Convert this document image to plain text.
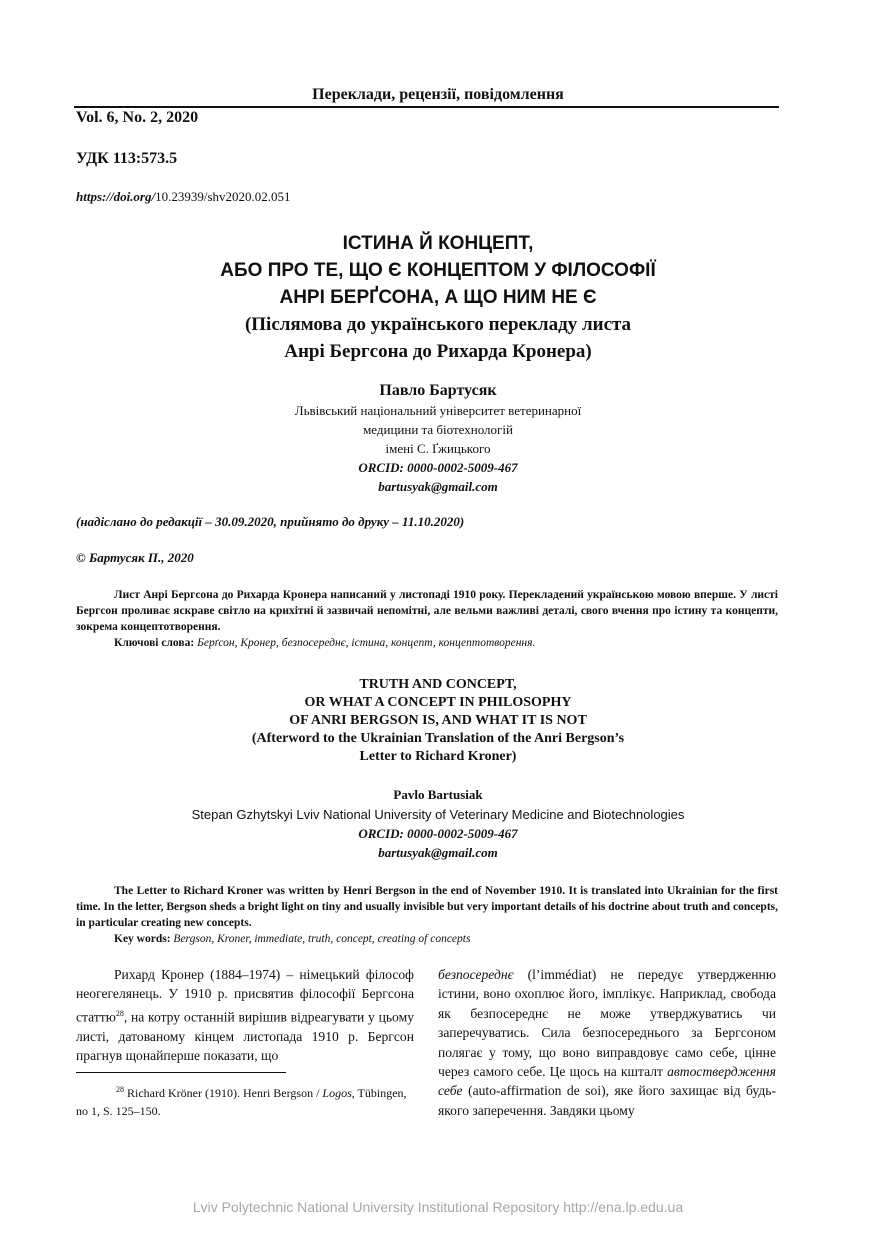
Переклади, рецензії, повідомлення
Vol. 6, No. 2, 2020
УДК 113:573.5
https://doi.org/10.23939/shv2020.02.051
ІСТИНА Й КОНЦЕПТ,
АБО ПРО ТЕ, ЩО Є КОНЦЕПТОМ У ФІЛОСОФІЇ
АНРІ БЕРҐСОНА, А ЩО НИМ НЕ Є
(Післямова до українського перекладу листа
Анрі Бергсона до Рихарда Кронера)
Павло Бартусяк
Львівський національний університет ветеринарної
медицини та біотехнологій
імені С. Ґжицького
ORCID: 0000-0002-5009-467
bartusyak@gmail.com
(надіслано до редакції – 30.09.2020, прийнято до друку – 11.10.2020)
© Бартусяк П., 2020

Лист Анрі Бергсона до Рихарда Кронера написаний у листопаді 1910 року. Перекладений українською мовою вперше. У листі Бергсон проливає яскраве світло на крихітні й зазвичай непомітні, але вельми важливі деталі, свого вчення про істину та концепти, зокрема концептотворення.

Ключові слова: Берґсон, Кронер, безпосереднє, істина, концепт, концептотворення.

TRUTH AND CONCEPT,
OR WHAT A CONCEPT IN PHILOSOPHY
OF ANRI BERGSON IS, AND WHAT IT IS NOT
(Afterword to the Ukrainian Translation of the Anri Bergson’s
Letter to Richard Kroner)
Pavlo Bartusiak
Stepan Gzhytskyi Lviv National University of Veterinary Medicine and Biotechnologies
ORCID: 0000-0002-5009-467
bartusyak@gmail.com

The Letter to Richard Kroner was written by Henri Bergson in the end of November 1910. It is translated into Ukrainian for the first time. In the letter, Bergson sheds a bright light on tiny and usually invisible but very important details of his doctrine about truth and concepts, in particular creating new concepts.

Key words: Bergson, Kroner, immediate, truth, concept, creating of concepts

Рихард Кронер (1884–1974) – німецький філософ неогегелянець. У 1910 р. присвятив філософії Бергсона статтю$^{28}$, на котру останній вирішив відреагувати у цьому листі, датованому кінцем листопада 1910 р. Бергсон прагнув щонайперше показати, що

безпосереднє (l’immédiat) не передує утвердженню істини, воно охоплює його, імплікує. Наприклад, свобода як безпосереднє не може утверджуватись чи заперечуватись. Сила безпосереднього за Бергсоном полягає у тому, що воно виправдовує само себе, цінне через самого себе. Це щось на кшталт автоствердження себе (auto-affirmation de soi), яке його захищає від будь-якого заперечення. Завдяки цьому

$^{28}$ Richard Kröner (1910). Henri Bergson / Logos, Tübingen, no 1, S. 125–150.
Lviv Polytechnic National University Institutional Repository http://ena.lp.edu.ua
